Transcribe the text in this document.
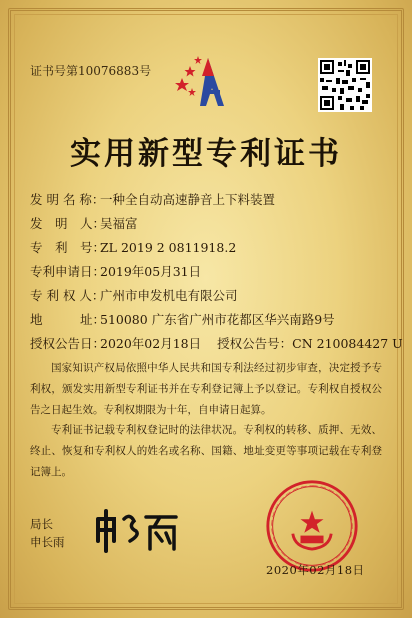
证书号第10076883号
实用新型专利证书
发 明 名 称：一种全自动高速静音上下料装置
发　明　人：吴福富
专　利　号：ZL 2019 2 0811918.2
专利申请日：2019年05月31日
专 利 权 人：广州市申发机电有限公司
地　　　址：510080 广东省广州市花都区华兴南路9号
授权公告日：2020年02月18日 授权公告号：CN 210084427 U
国家知识产权局依照中华人民共和国专利法经过初步审查，决定授予专利权，颁发实用新型专利证书并在专利登记簿上予以登记。专利权自授权公告之日起生效。专利权期限为十年，自申请日起算。
专利证书记载专利权登记时的法律状况。专利权的转移、质押、无效、终止、恢复和专利权人的姓名或名称、国籍、地址变更等事项记载在专利登记簿上。
局长
申长雨
2020年02月18日
